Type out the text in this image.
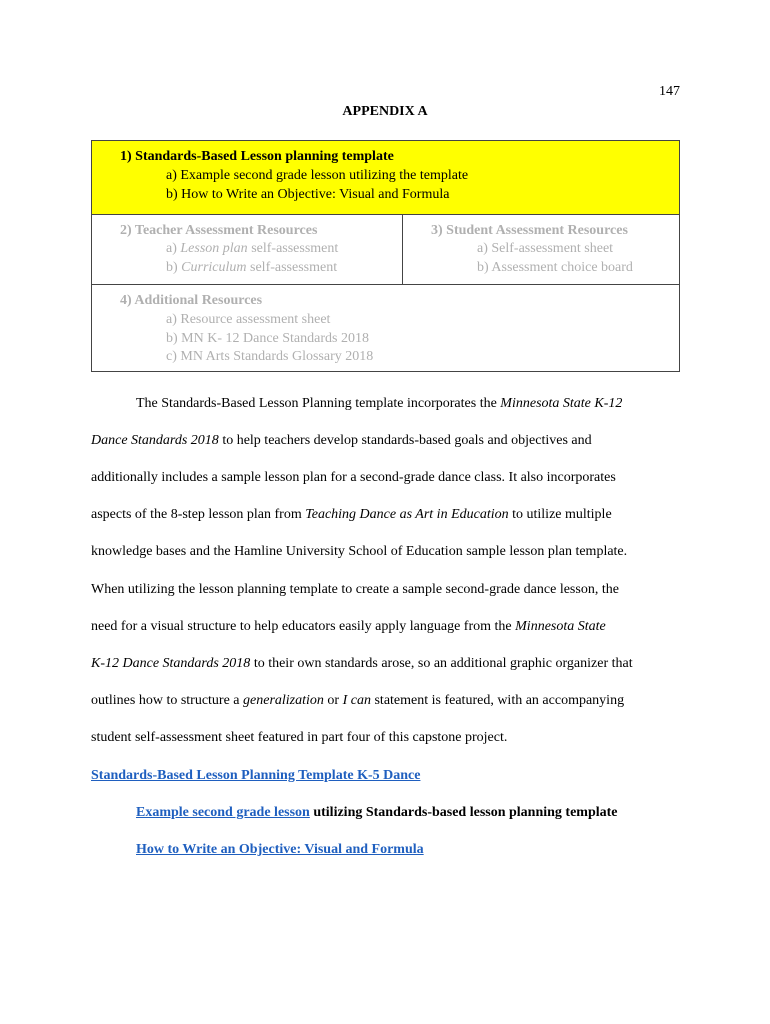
147
APPENDIX A
1) Standards-Based Lesson planning template
a) Example second grade lesson utilizing the template
b) How to Write an Objective: Visual and Formula
2) Teacher Assessment Resources
a) Lesson plan self-assessment
b) Curriculum self-assessment
3) Student Assessment Resources
a) Self-assessment sheet
b) Assessment choice board
4) Additional Resources
a) Resource assessment sheet
b) MN K- 12 Dance Standards 2018
c) MN Arts Standards Glossary 2018
The Standards-Based Lesson Planning template incorporates the Minnesota State K-12
Dance Standards 2018 to help teachers develop standards-based goals and objectives and
additionally includes a sample lesson plan for a second-grade dance class. It also incorporates
aspects of the 8-step lesson plan from Teaching Dance as Art in Education to utilize multiple
knowledge bases and the Hamline University School of Education sample lesson plan template.
When utilizing the lesson planning template to create a sample second-grade dance lesson, the
need for a visual structure to help educators easily apply language from the Minnesota State
K-12 Dance Standards 2018 to their own standards arose, so an additional graphic organizer that
outlines how to structure a generalization or I can statement is featured, with an accompanying
student self-assessment sheet featured in part four of this capstone project.
Standards-Based Lesson Planning Template K-5 Dance
Example second grade lesson utilizing Standards-based lesson planning template
How to Write an Objective: Visual and Formula
